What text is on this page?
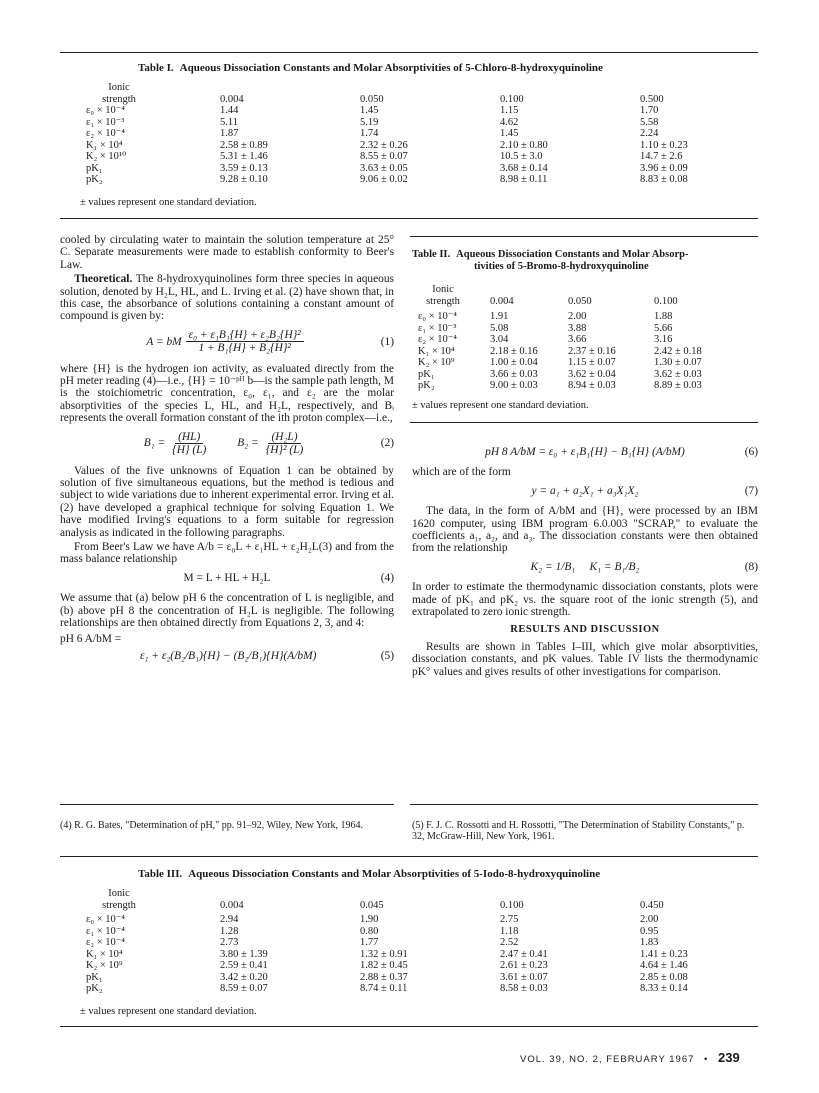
Table I. Aqueous Dissociation Constants and Molar Absorptivities of 5-Chloro-8-hydroxyquinoline
Ionic
strength	0.004	0.050	0.100	0.500
ε₀ × 10⁻⁴	1.44	1.45	1.15	1.70
ε₁ × 10⁻³	5.11	5.19	4.62	5.58
ε₂ × 10⁻⁴	1.87	1.74	1.45	2.24
K₁ × 10⁴	2.58 ± 0.89	2.32 ± 0.26	2.10 ± 0.80	1.10 ± 0.23
K₂ × 10¹⁰	5.31 ± 1.46	8.55 ± 0.07	10.5 ± 3.0	14.7 ± 2.6
pK₁	3.59 ± 0.13	3.63 ± 0.05	3.68 ± 0.14	3.96 ± 0.09
pK₂	9.28 ± 0.10	9.06 ± 0.02	8.98 ± 0.11	8.83 ± 0.08
± values represent one standard deviation.

cooled by circulating water to maintain the solution temperature at 25° C. Separate measurements were made to establish conformity to Beer's Law.

Theoretical. The 8-hydroxyquinolines form three species in aqueous solution, denoted by H₂L, HL, and L. Irving et al. (2) have shown that, in this case, the absorbance of solutions containing a constant amount of compound is given by:

A = bM $\frac{\text{ε₀ + ε₁B₁\{H\} + ε₂B₂\{H\}²}}{\text{1 + B₁\{H\} + B₂\{H\}²}}$	(1)

where {H} is the hydrogen ion activity, as evaluated directly from the pH meter reading (4)—i.e., {H} = 10⁻ᵖᴴ b—is the sample path length, M is the stoichiometric concentration, ε₀, ε₁, and ε₂ are the molar absorptivities of the species L, HL, and H₂L, respectively, and Bᵢ represents the overall formation constant of the ith proton complex—i.e.,

$B_1 = \frac{(HL)}{\{H\} (L)} B_2 = \frac{\text{(H₂L)}}{\text{\{H\}² (L)}}$	(2)

Values of the five unknowns of Equation 1 can be obtained by solution of five simultaneous equations, but the method is tedious and subject to wide variations due to inherent experimental error. Irving et al. (2) have developed a graphical technique for solving Equation 1. We have modified Irving's equations to a form suitable for regression analysis as indicated in the following paragraphs.

From Beer's Law we have A/b = ε₀L + ε₁HL + ε₂H₂L(3) and from the mass balance relationship

M = L + HL + H₂L	(4)

We assume that (a) below pH 6 the concentration of L is negligible, and (b) above pH 8 the concentration of H₂L is negligible. The following relationships are then obtained directly from Equations 2, 3, and 4:

pH 6 A/bM =
ε₁ + ε₂(B₂/B₁){H} − (B₂/B₁){H}(A/bM)	(5)
Table II. Aqueous Dissociation Constants and Molar Absorp-
tivities of 5-Bromo-8-hydroxyquinoline
Ionic
strength	0.004	0.050	0.100
ε₀ × 10⁻⁴	1.91	2.00	1.88
ε₁ × 10⁻³	5.08	3.88	5.66
ε₂ × 10⁻⁴	3.04	3.66	3.16
K₁ × 10⁴	2.18 ± 0.16	2.37 ± 0.16	2.42 ± 0.18
K₂ × 10⁹	1.00 ± 0.04	1.15 ± 0.07	1.30 ± 0.07
pK₁	3.66 ± 0.03	3.62 ± 0.04	3.62 ± 0.03
pK₂	9.00 ± 0.03	8.94 ± 0.03	8.89 ± 0.03
± values represent one standard deviation.
pH 8 A/bM = ε₀ + ε₁B₁{H} − B₁{H} (A/bM)	(6)

which are of the form

y = a₁ + a₂X₁ + a₃X₁X₂	(7)

The data, in the form of A/bM and {H}, were processed by an IBM 1620 computer, using IBM program 6.0.003 "SCRAP," to evaluate the coefficients a₁, a₂, and a₃. The dissociation constants were then obtained from the relationship

K₂ = 1/B₁     K₁ = B₁/B₂	(8)

In order to estimate the thermodynamic dissociation constants, plots were made of pK₁ and pK₂ vs. the square root of the ionic strength (5), and extrapolated to zero ionic strength.

RESULTS AND DISCUSSION

Results are shown in Tables I–III, which give molar absorptivities, dissociation constants, and pK values. Table IV lists the thermodynamic pK° values and gives results of other investigations for comparison.

(4) R. G. Bates, "Determination of pH," pp. 91–92, Wiley, New York, 1964.	(5) F. J. C. Rossotti and H. Rossotti, "The Determination of Stability Constants," p. 32, McGraw-Hill, New York, 1961.
Table III. Aqueous Dissociation Constants and Molar Absorptivities of 5-Iodo-8-hydroxyquinoline
Ionic
strength	0.004	0.045	0.100	0.450
ε₀ × 10⁻⁴	2.94	1.90	2.75	2.00
ε₁ × 10⁻⁴	1.28	0.80	1.18	0.95
ε₂ × 10⁻⁴	2.73	1.77	2.52	1.83
K₁ × 10⁴	3.80 ± 1.39	1.32 ± 0.91	2.47 ± 0.41	1.41 ± 0.23
K₂ × 10⁹	2.59 ± 0.41	1.82 ± 0.45	2.61 ± 0.23	4.64 ± 1.46
pK₁	3.42 ± 0.20	2.88 ± 0.37	3.61 ± 0.07	2.85 ± 0.08
pK₂	8.59 ± 0.07	8.74 ± 0.11	8.58 ± 0.03	8.33 ± 0.14
± values represent one standard deviation.
VOL. 39, NO. 2, FEBRUARY 1967 • 239
